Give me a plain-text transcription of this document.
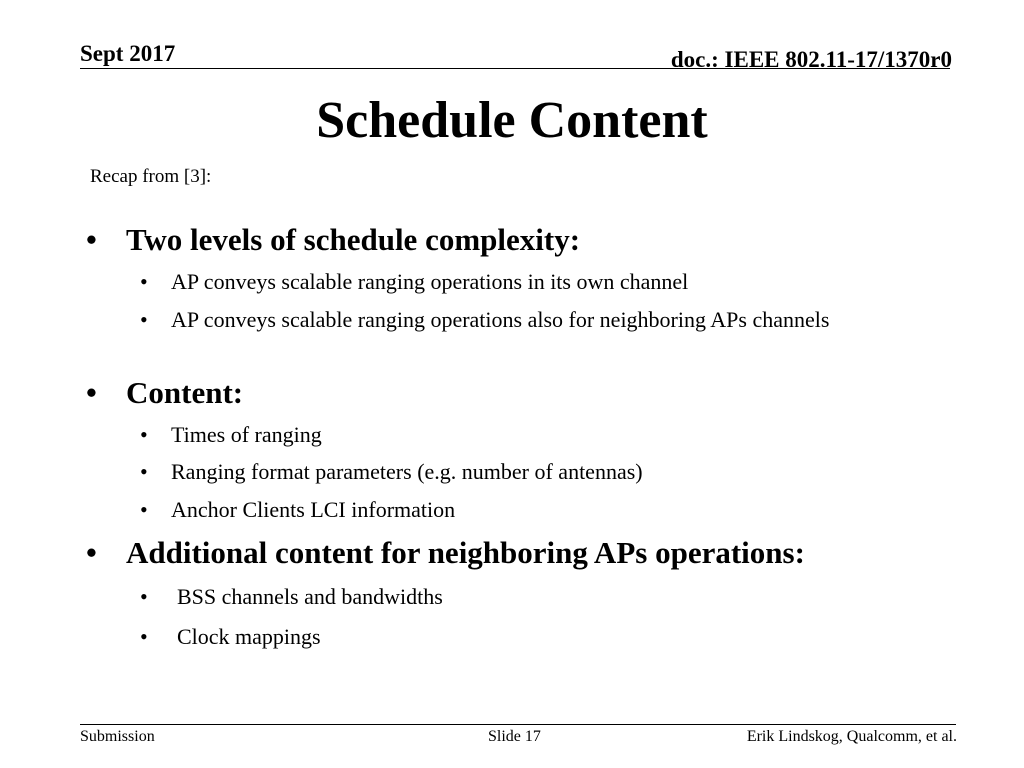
Sept 2017	doc.: IEEE 802.11-17/1370r0
Schedule Content
Recap from [3]:
• Two levels of schedule complexity:
• AP conveys scalable ranging operations in its own channel
• AP conveys scalable ranging operations also for neighboring APs channels
• Content:
• Times of ranging
• Ranging format parameters (e.g. number of antennas)
• Anchor Clients LCI information
• Additional content for neighboring APs operations:
• BSS channels and bandwidths
• Clock mappings
Submission	Slide 17	Erik Lindskog, Qualcomm, et al.
